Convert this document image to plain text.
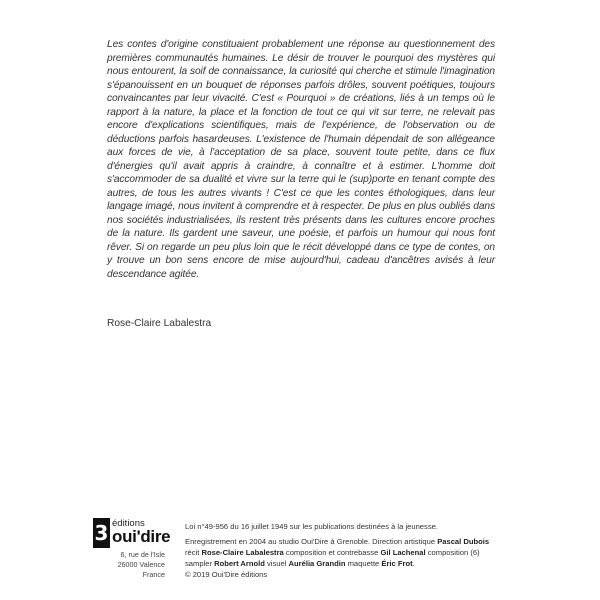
Les contes d'origine constituaient probablement une réponse au questionnement des premières communautés humaines. Le désir de trouver le pourquoi des mystères qui nous entourent, la soif de connaissance, la curiosité qui cherche et stimule l'imagination s'épanouissent en un bouquet de réponses parfois drôles, souvent poétiques, toujours convaincantes par leur vivacité. C'est « Pourquoi » de créations, liés à un temps où le rapport à la nature, la place et la fonction de tout ce qui vit sur terre, ne relevait pas encore d'explications scientifiques, mais de l'expérience, de l'observation ou de déductions parfois hasardeuses. L'existence de l'humain dépendait de son allégeance aux forces de vie, à l'acceptation de sa place, souvent toute petite, dans ce flux d'énergies qu'il avait appris à craindre, à connaître et à estimer. L'homme doit s'accommoder de sa dualité et vivre sur la terre qui le (sup)porte en tenant compte des autres, de tous les autres vivants ! C'est ce que les contes éthologiques, dans leur langage imagé, nous invitent à comprendre et à respecter. De plus en plus oubliés dans nos sociétés industrialisées, ils restent très présents dans les cultures encore proches de la nature. Ils gardent une saveur, une poésie, et parfois un humour qui nous font rêver. Si on regarde un peu plus loin que le récit développé dans ce type de contes, on y trouve un bon sens encore de mise aujourd'hui, cadeau d'ancêtres avisés à leur descendance agitée.

Rose-Claire Labalestra

3 éditions
oui'dire
6, rue de l'Isle
26000 Valence
France

Loi n°49-956 du 16 juillet 1949 sur les publications destinées à la jeunesse.

Enregistrement en 2004 au studio Oui'Dire à Grenoble. Direction artistique Pascal Dubois récit Rose-Claire Labalestra composition et contrebasse Gil Lachenal composition (6) sampler Robert Arnold visuel Aurélia Grandin maquette Éric Frot.

© 2019 Oui'Dire éditions
